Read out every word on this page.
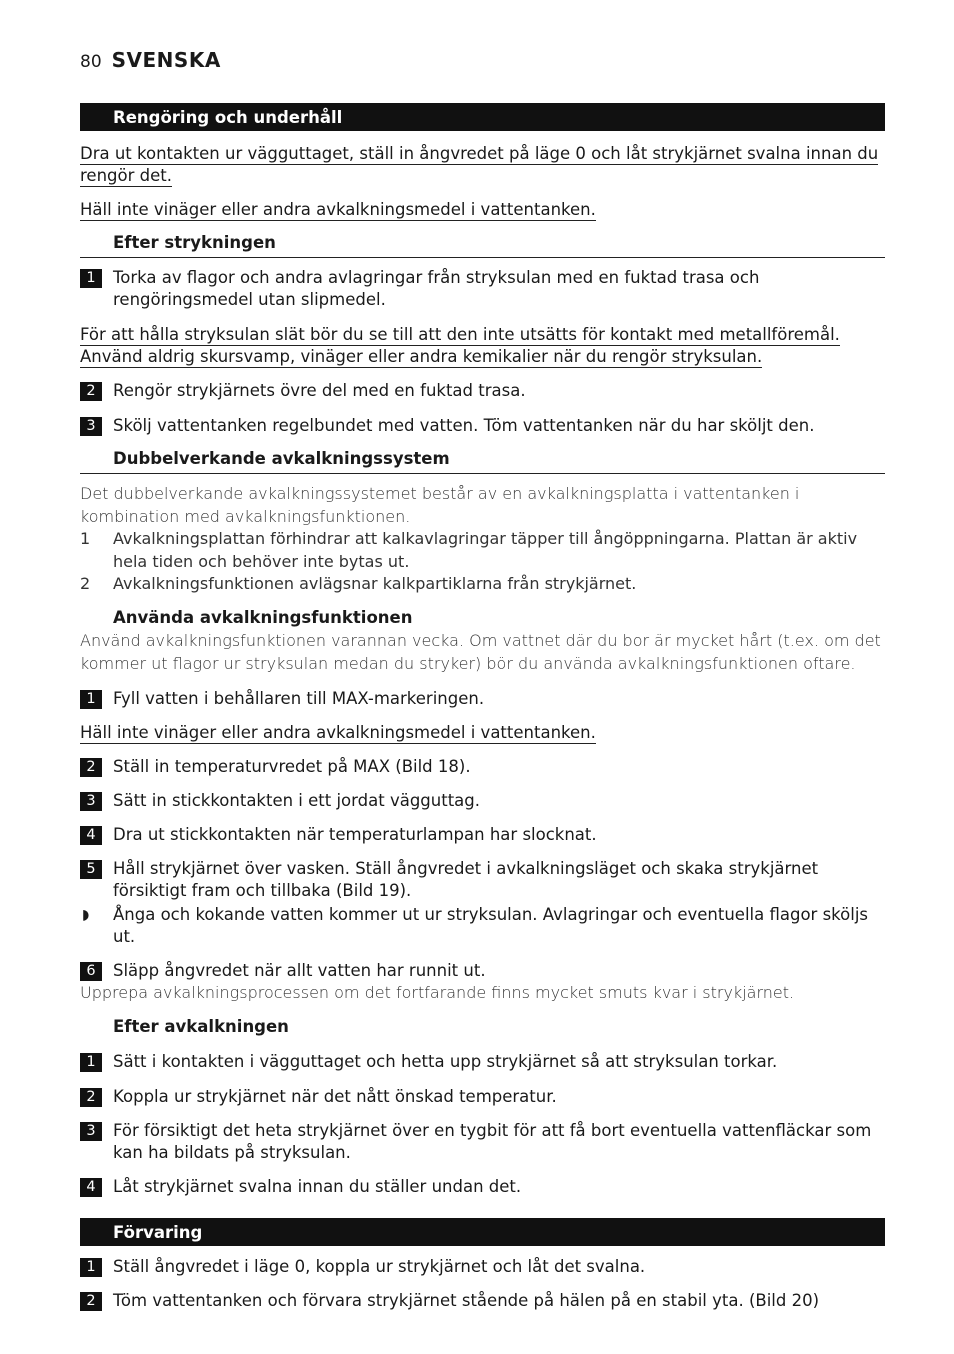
80 SVENSKA
Rengöring och underhåll
Dra ut kontakten ur vägguttaget, ställ in ångvredet på läge 0 och låt strykjärnet svalna innan du
rengör det.
Häll inte vinäger eller andra avkalkningsmedel i vattentanken.
Efter strykningen
1	Torka av flagor och andra avlagringar från stryksulan med en fuktad trasa och rengöringsmedel utan slipmedel.
För att hålla stryksulan slät bör du se till att den inte utsätts för kontakt med metallföremål.
Använd aldrig skursvamp, vinäger eller andra kemikalier när du rengör stryksulan.
2	Rengör strykjärnets övre del med en fuktad trasa.
3	Skölj vattentanken regelbundet med vatten. Töm vattentanken när du har sköljt den.
Dubbelverkande avkalkningssystem
Det dubbelverkande avkalkningssystemet består av en avkalkningsplatta i vattentanken i kombination med avkalkningsfunktionen.
1 Avkalkningsplattan förhindrar att kalkavlagringar täpper till ångöppningarna. Plattan är aktiv hela tiden och behöver inte bytas ut.
2 Avkalkningsfunktionen avlägsnar kalkpartiklarna från strykjärnet.
Använda avkalkningsfunktionen
Använd avkalkningsfunktionen varannan vecka. Om vattnet där du bor är mycket hårt (t.ex. om det kommer ut flagor ur stryksulan medan du stryker) bör du använda avkalkningsfunktionen oftare.
1	Fyll vatten i behållaren till MAX-markeringen.
Häll inte vinäger eller andra avkalkningsmedel i vattentanken.
2	Ställ in temperaturvredet på MAX (Bild 18).
3	Sätt in stickkontakten i ett jordat vägguttag.
4	Dra ut stickkontakten när temperaturlampan har slocknat.
5	Håll strykjärnet över vasken. Ställ ångvredet i avkalkningsläget och skaka strykjärnet försiktigt fram och tillbaka (Bild 19).
◗ Ånga och kokande vatten kommer ut ur stryksulan. Avlagringar och eventuella flagor sköljs ut.
6	Släpp ångvredet när allt vatten har runnit ut.
Upprepa avkalkningsprocessen om det fortfarande finns mycket smuts kvar i strykjärnet.
Efter avkalkningen
1	Sätt i kontakten i vägguttaget och hetta upp strykjärnet så att stryksulan torkar.
2	Koppla ur strykjärnet när det nått önskad temperatur.
3	För försiktigt det heta strykjärnet över en tygbit för att få bort eventuella vattenfläckar som kan ha bildats på stryksulan.
4	Låt strykjärnet svalna innan du ställer undan det.
Förvaring
1	Ställ ångvredet i läge 0, koppla ur strykjärnet och låt det svalna.
2	Töm vattentanken och förvara strykjärnet stående på hälen på en stabil yta. (Bild 20)
